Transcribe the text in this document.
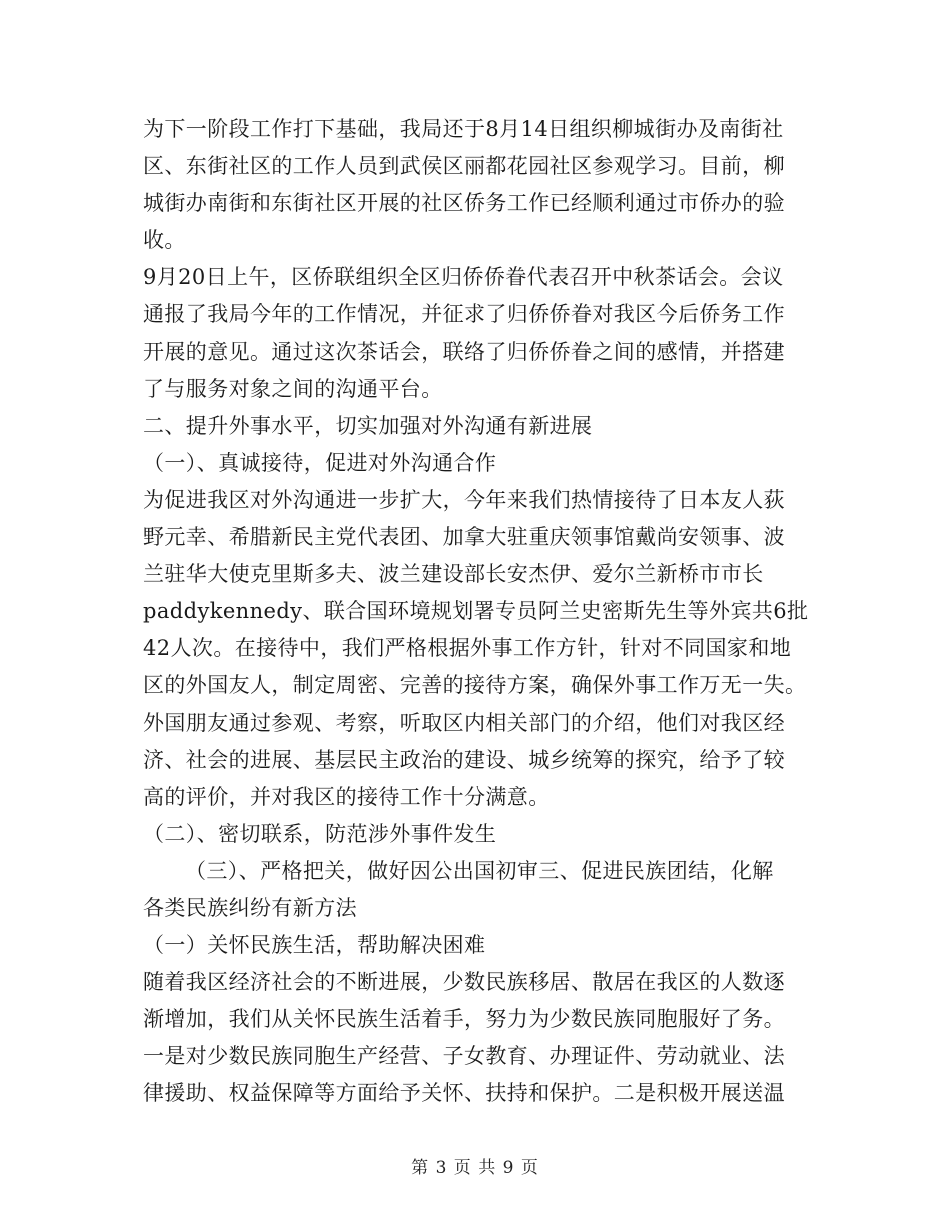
为下一阶段工作打下基础，我局还于8月14日组织柳城街办及南街社
区、东街社区的工作人员到武侯区丽都花园社区参观学习。目前，柳
城街办南街和东街社区开展的社区侨务工作已经顺利通过市侨办的验
收。
9月20日上午，区侨联组织全区归侨侨眷代表召开中秋茶话会。会议
通报了我局今年的工作情况，并征求了归侨侨眷对我区今后侨务工作
开展的意见。通过这次茶话会，联络了归侨侨眷之间的感情，并搭建
了与服务对象之间的沟通平台。
二、提升外事水平，切实加强对外沟通有新进展
（一）、真诚接待，促进对外沟通合作
为促进我区对外沟通进一步扩大，今年来我们热情接待了日本友人荻
野元幸、希腊新民主党代表团、加拿大驻重庆领事馆戴尚安领事、波
兰驻华大使克里斯多夫、波兰建设部长安杰伊、爱尔兰新桥市市长
paddykennedy、联合国环境规划署专员阿兰史密斯先生等外宾共6批
42人次。在接待中，我们严格根据外事工作方针，针对不同国家和地
区的外国友人，制定周密、完善的接待方案，确保外事工作万无一失。
外国朋友通过参观、考察，听取区内相关部门的介绍，他们对我区经
济、社会的进展、基层民主政治的建设、城乡统筹的探究，给予了较
高的评价，并对我区的接待工作十分满意。
（二）、密切联系，防范涉外事件发生
（三）、严格把关，做好因公出国初审三、促进民族团结，化解
各类民族纠纷有新方法
（一）关怀民族生活，帮助解决困难
随着我区经济社会的不断进展，少数民族移居、散居在我区的人数逐
渐增加，我们从关怀民族生活着手，努力为少数民族同胞服好了务。
一是对少数民族同胞生产经营、子女教育、办理证件、劳动就业、法
律援助、权益保障等方面给予关怀、扶持和保护。二是积极开展送温
第 3 页 共 9 页
